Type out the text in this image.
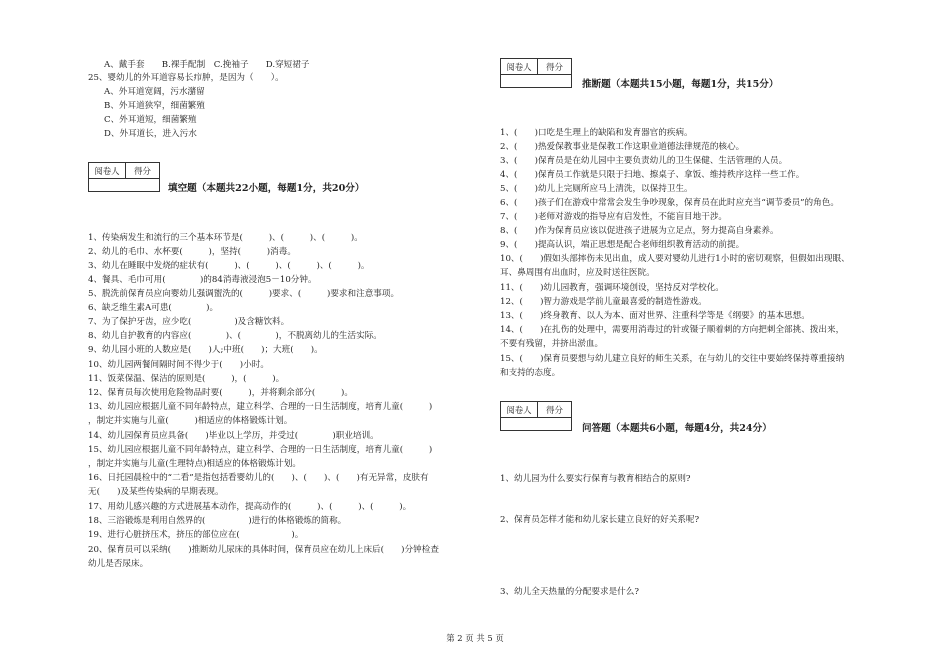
A、戴手套　　B.裸手配制　C.挽袖子　　D.穿短裙子
25、婴幼儿的外耳道容易长疖肿，是因为（　　）。
A、外耳道宽阔，污水潴留
B、外耳道狭窄，细菌繁殖
C、外耳道短，细菌繁殖
D、外耳道长，进入污水
阅卷人	得分
填空题（本题共22小题，每题1分，共20分）
1、传染病发生和流行的三个基本环节是(　　　)、(　　　)、(　　　)。
2、幼儿的毛巾、水杯要(　　　)，坚持(　　　)消毒。
3、幼儿在睡眠中发烧的症状有(　　　)、(　　　)、(　　　)、(　　　)。
4、餐具、毛巾可用(　　　　)的84消毒液浸泡5－10分钟。
5、脱洗前保育员应向婴幼儿强调盥洗的(　　　)要求、(　　　)要求和注意事项。
6、缺乏维生素A可患(　　　　)。
7、为了保护牙齿，应少吃(　　　　　)及含糖饮料。
8、幼儿自护教育的内容应(　　　　)、(　　　　)，不脱离幼儿的生活实际。
9、幼儿园小班的人数应是(　　)人;中班(　　)；大班(　　)。
10、幼儿园两餐间隔时间不得少于(　　)小时。
11、饭菜保温、保洁的原则是(　　　)，(　　　)。
12、保育员每次使用危险物品时要(　　　)，并将剩余部分(　　　)。
13、幼儿园应根据儿童不同年龄特点，建立科学、合理的一日生活制度，培育儿童(　　　)
，制定并实施与儿童(　　　)相适应的体格锻炼计划。
14、幼儿园保育员应具备(　　)毕业以上学历，并受过(　　　　)职业培训。
15、幼儿园应根据儿童不同年龄特点，建立科学、合理的一日生活制度，培育儿童(　　　)
，制定并实施与儿童(生理特点)相适应的体格锻炼计划。
16、日托园晨检中的“二看”是指包括看婴幼儿的(　　)、(　　)、(　　)有无异常，皮肤有
无(　　)及某些传染病的早期表现。
17、用幼儿感兴趣的方式进展基本动作，提高动作的(　　　)、(　　　)、(　　　)。
18、三浴锻炼是利用自然界的(　　　　　)进行的体格锻炼的简称。
19、进行心脏挤压术，挤压的部位应在(　　　　　　)。
20、保育员可以采纳(　　)推断幼儿尿床的具体时间，保育员应在幼儿上床后(　　)分钟检查
幼儿是否尿床。
阅卷人	得分
推断题（本题共15小题，每题1分，共15分）
1、(　　)口吃是生理上的缺陷和发育器官的疾病。
2、(　　)热爱保教事业是保教工作这职业道德法律规范的核心。
3、(　　)保育员是在幼儿园中主要负责幼儿的卫生保健、生活管理的人员。
4、(　　)保育员工作就是只限于扫地、擦桌子、拿饭、维持秩序这样一些工作。
5、(　　)幼儿上完厕所应马上清洗，以保持卫生。
6、(　　)孩子们在游戏中常常会发生争吵现象，保育员在此时应充当“调节委员”的角色。
7、(　　)老师对游戏的指导应有启发性，不能盲目地干涉。
8、(　　)作为保育员应该以促进孩子进展为立足点，努力提高自身素养。
9、(　　)提高认识，端正思想是配合老师组织教育活动的前提。
10、(　　)假如头部摔伤未见出血，成人要对婴幼儿进行1小时的密切观察，但假如出现眼、
耳、鼻周围有出血时，应及时送往医院。
11、(　　)幼儿园教育，强调环境创设，坚持反对学校化。
12、(　　)智力游戏是学前儿童最喜爱的制造性游戏。
13、(　　)终身教育、以人为本、面对世界、注重科学等是《纲要》的基本思想。
14、(　　)在扎伤的处理中，需要用消毒过的针或镊子顺着刺的方向把刺全部挑、拨出来，
不要有残留，并挤出淤血。
15、(　　)保育员要想与幼儿建立良好的师生关系，在与幼儿的交往中要始终保持尊重接纳
和支持的态度。
阅卷人	得分
问答题（本题共6小题，每题4分，共24分）
1、幼儿园为什么要实行保育与教育相结合的原则?
2、保育员怎样才能和幼儿家长建立良好的好关系呢?
3、幼儿全天热量的分配要求是什么?
第 2 页 共 5 页
